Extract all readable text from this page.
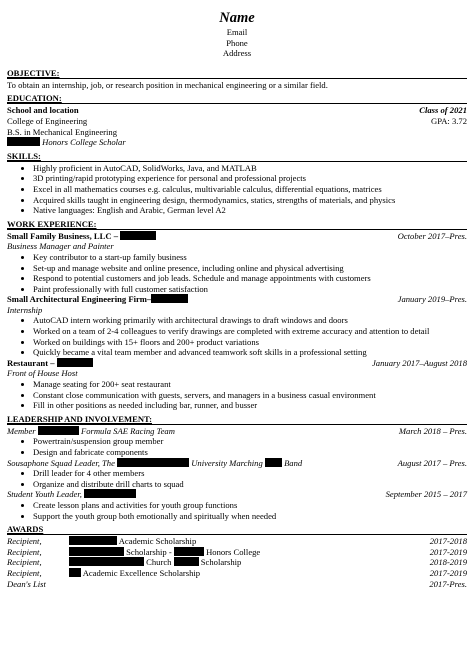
Name
Email
Phone
Address
OBJECTIVE:
To obtain an internship, job, or research position in mechanical engineering or a similar field.
EDUCATION:
School and location	Class of 2021
College of Engineering	GPA: 3.72
B.S. in Mechanical Engineering
Honors College Scholar
SKILLS:
• Highly proficient in AutoCAD, SolidWorks, Java, and MATLAB
• 3D printing/rapid prototyping experience for personal and professional projects
• Excel in all mathematics courses e.g. calculus, multivariable calculus, differential equations, matrices
• Acquired skills taught in engineering design, thermodynamics, statics, strengths of materials, and physics
• Native languages: English and Arabic, German level A2
WORK EXPERIENCE:
Small Family Business, LLC –	October 2017–Pres.
Business Manager and Painter
• Key contributor to a start-up family business
• Set-up and manage website and online presence, including online and physical advertising
• Respond to potential customers and job leads. Schedule and manage appointments with customers
• Paint professionally with full customer satisfaction
Small Architectural Engineering Firm–	January 2019–Pres.
Internship
• AutoCAD intern working primarily with architectural drawings to draft windows and doors
• Worked on a team of 2-4 colleagues to verify drawings are completed with extreme accuracy and attention to detail
• Worked on buildings with 15+ floors and 200+ product variations
• Quickly became a vital team member and advanced teamwork soft skills in a professional setting
Restaurant –	January 2017–August 2018
Front of House Host
• Manage seating for 200+ seat restaurant
• Constant close communication with guests, servers, and managers in a business casual environment
• Fill in other positions as needed including bar, runner, and busser
LEADERSHIP AND INVOLVEMENT:
Member	Formula SAE Racing Team	March 2018 – Pres.
• Powertrain/suspension group member
• Design and fabricate components
Sousaphone Squad Leader, The	University Marching Band	August 2017 – Pres.
• Drill leader for 4 other members
• Organize and distribute drill charts to squad
Student Youth Leader,	September 2015 – 2017
• Create lesson plans and activities for youth group functions
• Support the youth group both emotionally and spiritually when needed
AWARDS
Recipient,	Academic Scholarship	2017-2018
Recipient,	Scholarship -	Honors College	2017-2019
Recipient,	Church	Scholarship	2018-2019
Recipient,	Academic Excellence Scholarship	2017-2019
Dean's List	2017-Pres.
